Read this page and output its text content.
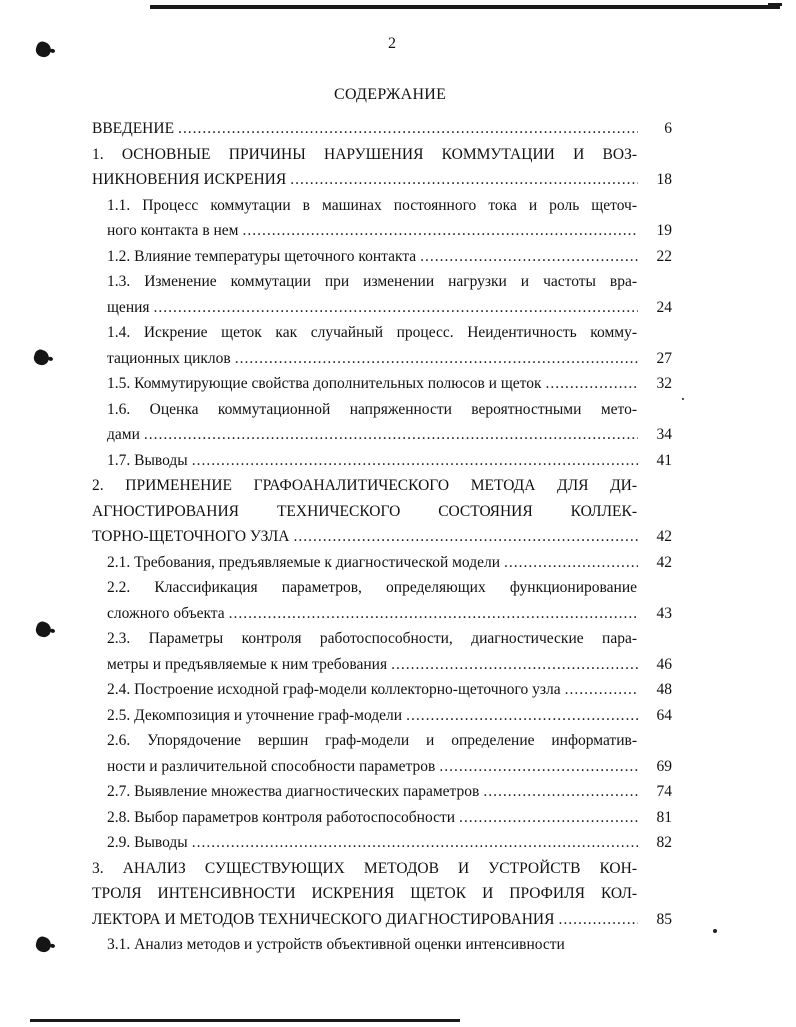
2
СОДЕРЖАНИЕ
ВВЕДЕНИЕ .....	6
1. ОСНОВНЫЕ ПРИЧИНЫ НАРУШЕНИЯ КОММУТАЦИИ И ВОЗ-
НИКНОВЕНИЯ ИСКРЕНИЯ .....	18
1.1. Процесс коммутации в машинах постоянного тока и роль щеточ-
ного контакта в нем .....	19
1.2. Влияние температуры щеточного контакта .....	22
1.3. Изменение коммутации при изменении нагрузки и частоты вра-
щения .....	24
1.4. Искрение щеток как случайный процесс. Неидентичность комму-
тационных циклов .....	27
1.5. Коммутирующие свойства дополнительных полюсов и щеток .....	32
1.6. Оценка коммутационной напряженности вероятностными мето-
дами .....	34
1.7. Выводы .....	41
2. ПРИМЕНЕНИЕ ГРАФОАНАЛИТИЧЕСКОГО МЕТОДА ДЛЯ ДИ-
АГНОСТИРОВАНИЯ ТЕХНИЧЕСКОГО СОСТОЯНИЯ КОЛЛЕК-
ТОРНО-ЩЕТОЧНОГО УЗЛА .....	42
2.1. Требования, предъявляемые к диагностической модели .....	42
2.2. Классификация параметров, определяющих функционирование
сложного объекта .....	43
2.3. Параметры контроля работоспособности, диагностические пара-
метры и предъявляемые к ним требования .....	46
2.4. Построение исходной граф-модели коллекторно-щеточного узла .....	48
2.5. Декомпозиция и уточнение граф-модели .....	64
2.6. Упорядочение вершин граф-модели и определение информатив-
ности и различительной способности параметров .....	69
2.7. Выявление множества диагностических параметров .....	74
2.8. Выбор параметров контроля работоспособности .....	81
2.9. Выводы .....	82
3. АНАЛИЗ СУЩЕСТВУЮЩИХ МЕТОДОВ И УСТРОЙСТВ КОН-
ТРОЛЯ ИНТЕНСИВНОСТИ ИСКРЕНИЯ ЩЕТОК И ПРОФИЛЯ КОЛ-
ЛЕКТОРА И МЕТОДОВ ТЕХНИЧЕСКОГО ДИАГНОСТИРОВАНИЯ .....	85
3.1. Анализ методов и устройств объективной оценки интенсивности
